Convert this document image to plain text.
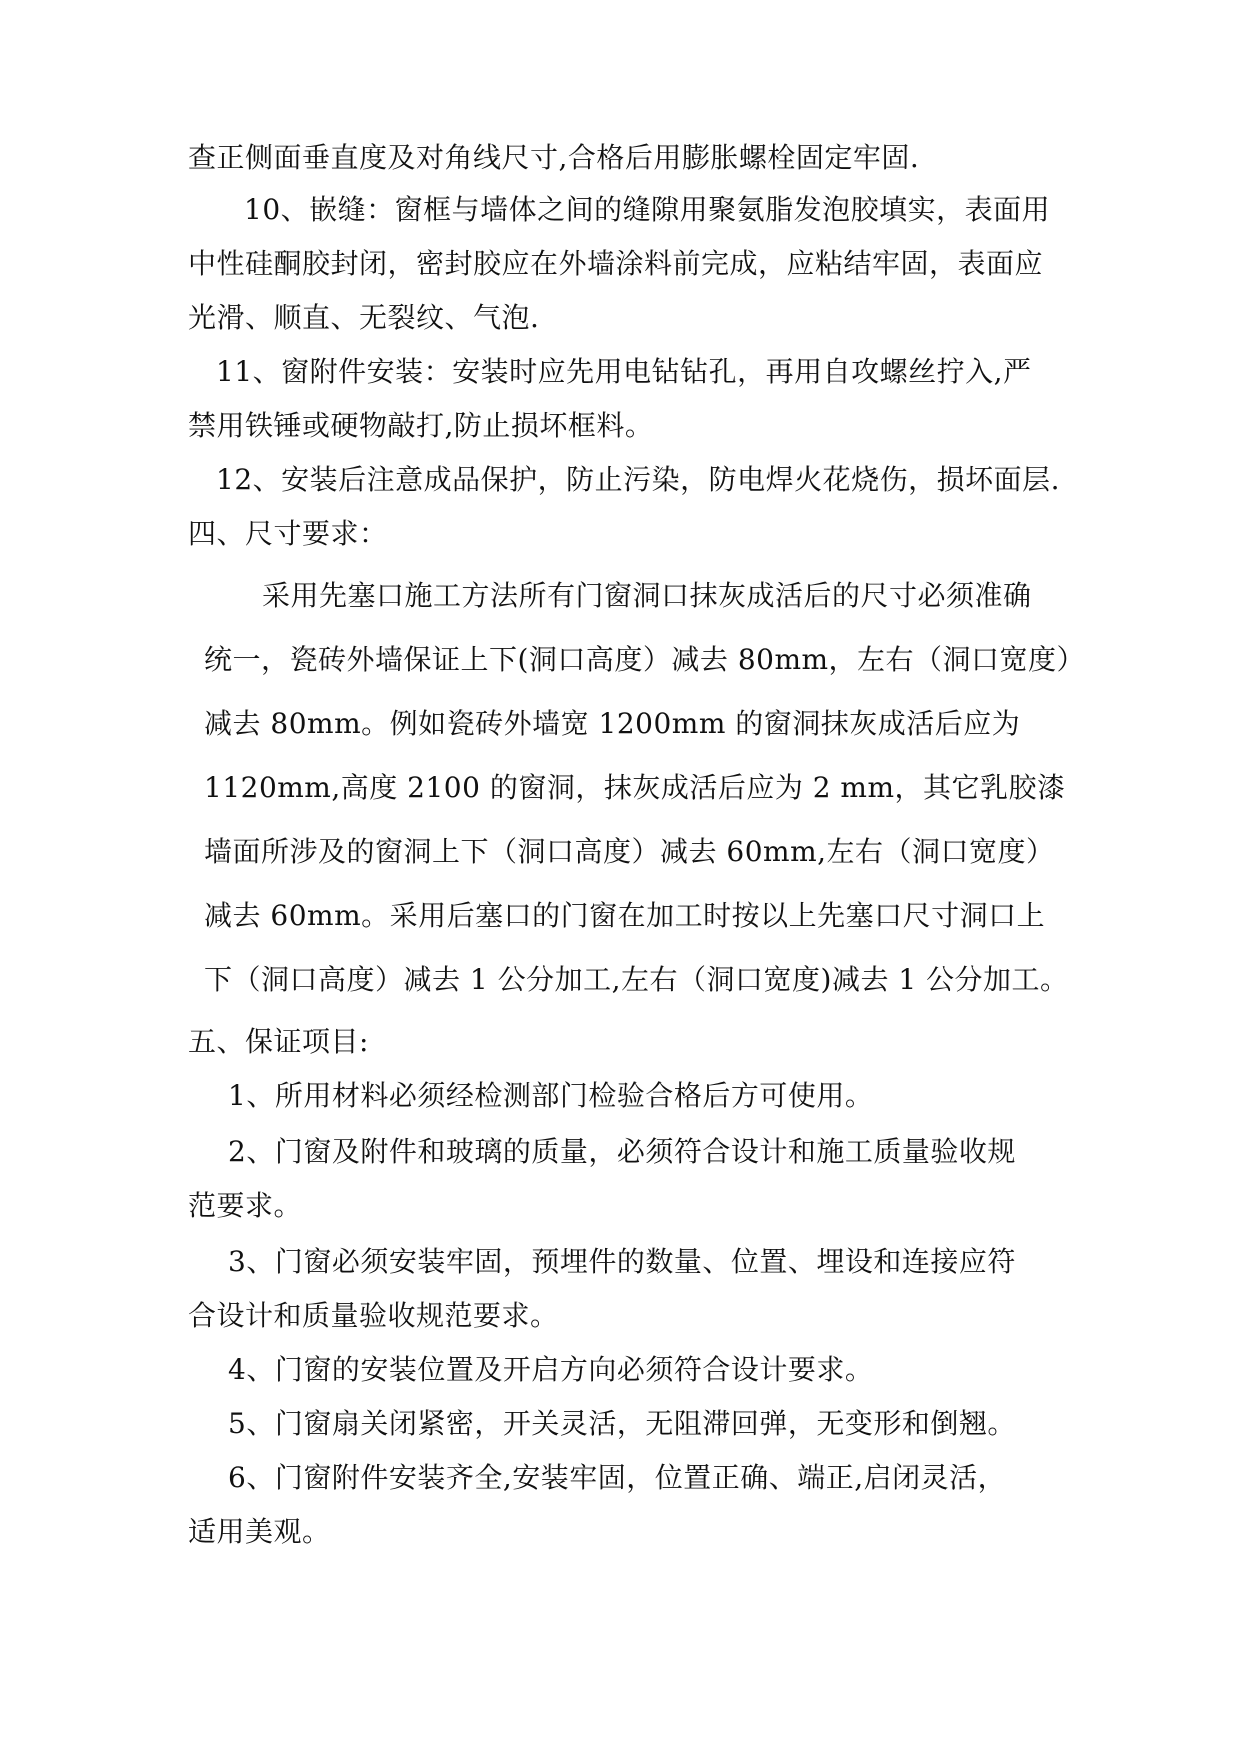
查正侧面垂直度及对角线尺寸,合格后用膨胀螺栓固定牢固.
10、嵌缝：窗框与墙体之间的缝隙用聚氨脂发泡胶填实，表面用
中性硅酮胶封闭，密封胶应在外墙涂料前完成，应粘结牢固，表面应
光滑、顺直、无裂纹、气泡.
11、窗附件安装：安装时应先用电钻钻孔，再用自攻螺丝拧入,严
禁用铁锤或硬物敲打,防止损坏框料。
12、安装后注意成品保护，防止污染，防电焊火花烧伤，损坏面层.
四、尺寸要求：
采用先塞口施工方法所有门窗洞口抹灰成活后的尺寸必须准确
统一，瓷砖外墙保证上下(洞口高度）减去 80mm，左右（洞口宽度）
减去 80mm。例如瓷砖外墙宽 1200mm 的窗洞抹灰成活后应为
1120mm,高度 2100 的窗洞，抹灰成活后应为 2 mm，其它乳胶漆
墙面所涉及的窗洞上下（洞口高度）减去 60mm,左右（洞口宽度）
减去 60mm。采用后塞口的门窗在加工时按以上先塞口尺寸洞口上
下（洞口高度）减去 1 公分加工,左右（洞口宽度)减去 1 公分加工。
五、保证项目:
1、所用材料必须经检测部门检验合格后方可使用。
2、门窗及附件和玻璃的质量，必须符合设计和施工质量验收规
范要求。
3、门窗必须安装牢固，预埋件的数量、位置、埋设和连接应符
合设计和质量验收规范要求。
4、门窗的安装位置及开启方向必须符合设计要求。
5、门窗扇关闭紧密，开关灵活，无阻滞回弹，无变形和倒翘。
6、门窗附件安装齐全,安装牢固，位置正确、端正,启闭灵活，
适用美观。
